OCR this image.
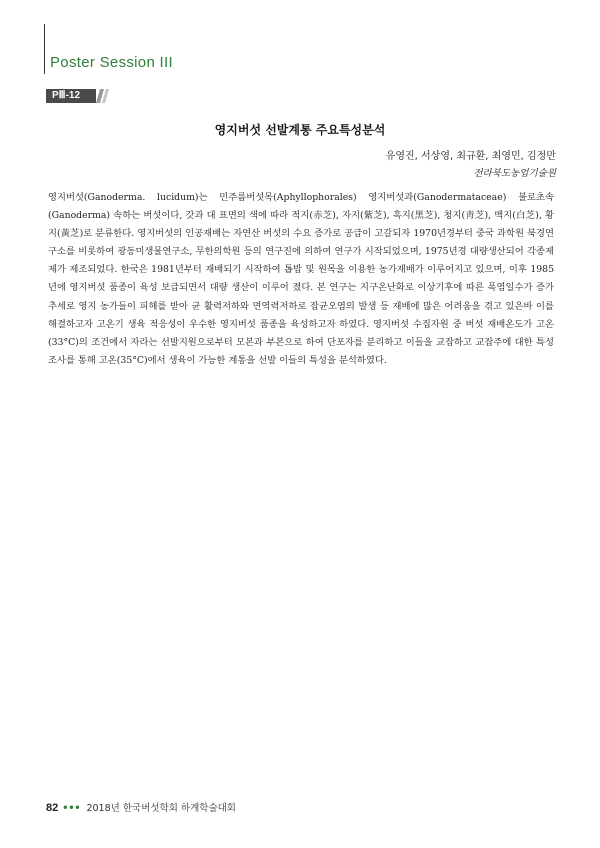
Poster Session III
PⅢ-12
영지버섯 선발계통 주요특성분석
유영진, 서상영, 최규환, 최영민, 김정만
전라북도농업기술원

영지버섯(Ganoderma. lucidum)는 민주름버섯목(Aphyllophorales) 영지버섯과(Ganodermataceae) 불로초속(Ganoderma) 속하는 버섯이다, 갓과 대 표면의 색에 따라 적지(赤芝), 자지(紫芝), 흑지(黑芝), 청지(靑芝), 백지(白芝), 황지(黃芝)로 분류한다. 영지버섯의 인공재배는 자연산 버섯의 수요 증가로 공급이 고갈되자 1970년경부터 중국 과학원 북경연구소를 비롯하여 광동미생물연구소, 무한의학원 등의 연구진에 의하여 연구가 시작되었으며, 1975년경 대량생산되어 각종제제가 제조되었다. 한국은 1981년부터 재배되기 시작하여 톱밥 및 원목을 이용한 농가재배가 이루어지고 있으며, 이후 1985년에 영지버섯 품종이 육성 보급되면서 대량 생산이 이루어 졌다. 본 연구는 지구온난화로 이상기후에 따른 폭염일수가 증가 추세로 영지 농가들이 피해를 받아 균 활력저하와 면역력저하로 잡균오염의 발생 등 재배에 많은 어려움을 겪고 있은바 이를 해결하고자 고온기 생육 적응성이 우수한 영지버섯 품종을 육성하고자 하였다. 영지버섯 수집자원 중 버섯 재배온도가 고온(33°C)의 조건에서 자라는 선발지원으로부터 모본과 부본으로 하여 단포자를 분리하고 이들을 교잡하고 교잡주에 대한 특성조사를 통해 고온(35°C)에서 생육이 가능한 계통을 선발 이들의 특성을 분석하였다.

82 ••• 2018년 한국버섯학회 하계학술대회
